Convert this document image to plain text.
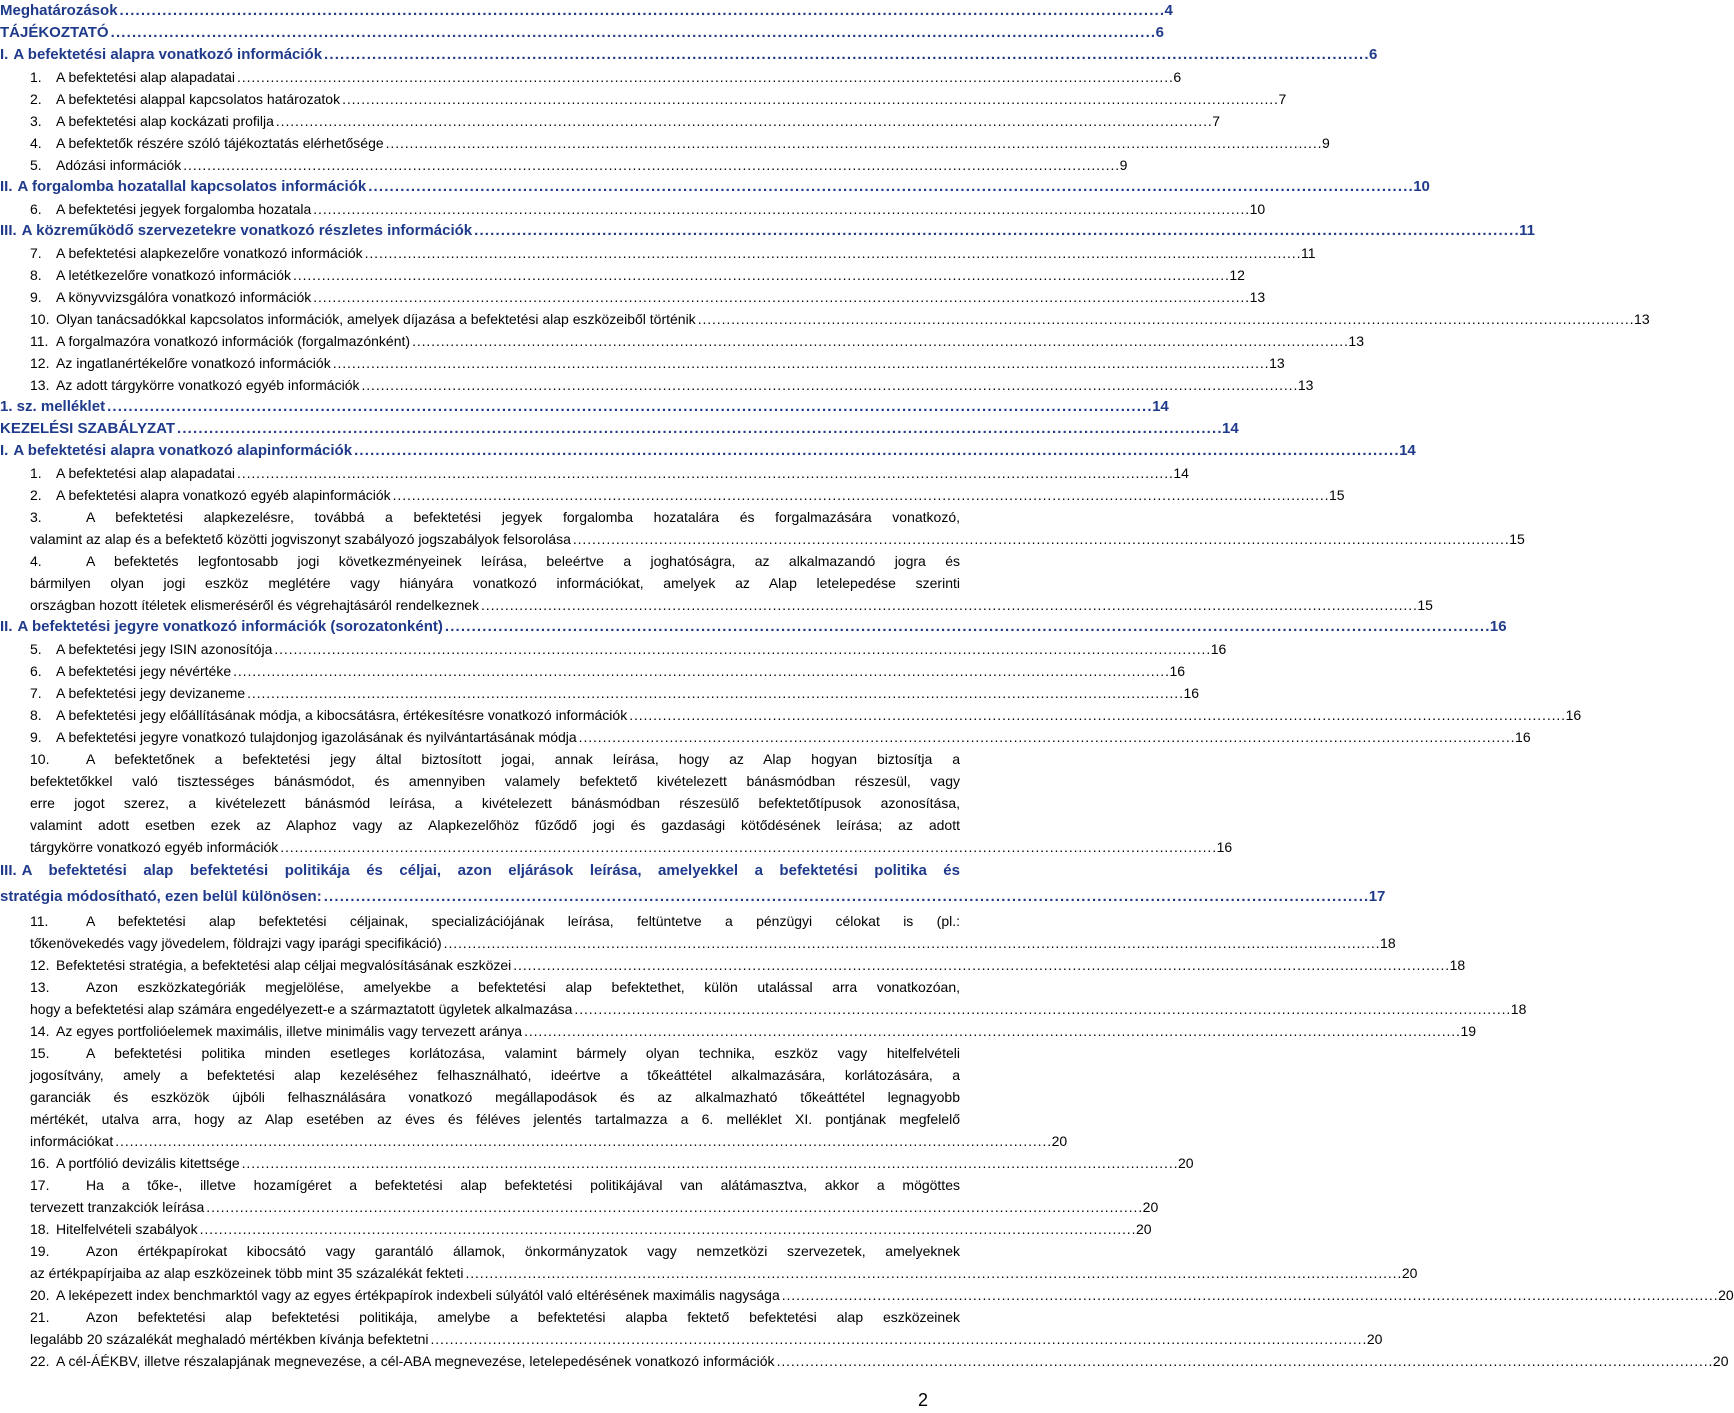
Meghatározások . . .	4
TÁJÉKOZTATÓ . . .	6
I. A befektetési alapra vonatkozó információk . . .	6
1.	A befektetési alap alapadatai . . .	6
2.	A befektetési alappal kapcsolatos határozatok . . .	7
3.	A befektetési alap kockázati profilja . . .	7
4.	A befektetők részére szóló tájékoztatás elérhetősége . . .	9
5.	Adózási információk . . .	9
II. A forgalomba hozatallal kapcsolatos információk . . .	10
6.	A befektetési jegyek forgalomba hozatala . . .	10
III. A közreműködő szervezetekre vonatkozó részletes információk . . .	11
7.	A befektetési alapkezelőre vonatkozó információk . . .	11
8.	A letétkezelőre vonatkozó információk . . .	12
9.	A könyvvizsgálóra vonatkozó információk . . .	13
10. Olyan tanácsadókkal kapcsolatos információk, amelyek díjazása a befektetési alap eszközeiből történik . . .	13
11. A forgalmazóra vonatkozó információk (forgalmazónként) . . .	13
12. Az ingatlanértékelőre vonatkozó információk . . .	13
13. Az adott tárgykörre vonatkozó egyéb információk . . .	13
1. sz. melléklet . . .	14
KEZELÉSI SZABÁLYZAT . . .	14
I. A befektetési alapra vonatkozó alapinformációk . . .	14
1.	A befektetési alap alapadatai . . .	14
2.	A befektetési alapra vonatkozó egyéb alapinformációk . . .	15
3.	A befektetési alapkezelésre, továbbá a befektetési jegyek forgalomba hozatalára és forgalmazására vonatkozó,
valamint az alap és a befektető közötti jogviszonyt szabályozó jogszabályok felsorolása . . .	15
4.	A befektetés legfontosabb jogi következményeinek leírása, beleértve a joghatóságra, az alkalmazandó jogra és
bármilyen olyan jogi eszköz meglétére vagy hiányára vonatkozó információkat, amelyek az Alap letelepedése szerinti
országban hozott ítéletek elismeréséről és végrehajtásáról rendelkeznek . . .	15
II. A befektetési jegyre vonatkozó információk (sorozatonként) . . .	16
5.	A befektetési jegy ISIN azonosítója . . .	16
6.	A befektetési jegy névértéke . . .	16
7.	A befektetési jegy devizaneme . . .	16
8.	A befektetési jegy előállításának módja, a kibocsátásra, értékesítésre vonatkozó információk . . .	16
9.	A befektetési jegyre vonatkozó tulajdonjog igazolásának és nyilvántartásának módja . . .	16
10.	A befektetőnek a befektetési jegy által biztosított jogai, annak leírása, hogy az Alap hogyan biztosítja a
befektetőkkel való tisztességes bánásmódot, és amennyiben valamely befektető kivételezett bánásmódban részesül, vagy
erre jogot szerez, a kivételezett bánásmód leírása, a kivételezett bánásmódban részesülő befektetőtípusok azonosítása,
valamint adott esetben ezek az Alaphoz vagy az Alapkezelőhöz fűződő jogi és gazdasági kötődésének leírása; az adott
tárgykörre vonatkozó egyéb információk . . .	16
III. A befektetési alap befektetési politikája és céljai, azon eljárások leírása, amelyekkel a befektetési politika és
stratégia módosítható, ezen belül különösen: . . .	17
11.	A befektetési alap befektetési céljainak, specializációjának leírása, feltüntetve a pénzügyi célokat is (pl.:
tőkenövekedés vagy jövedelem, földrajzi vagy iparági specifikáció) . . .	18
12. Befektetési stratégia, a befektetési alap céljai megvalósításának eszközei . . .	18
13.	Azon eszközkategóriák megjelölése, amelyekbe a befektetési alap befektethet, külön utalással arra vonatkozóan,
hogy a befektetési alap számára engedélyezett-e a származtatott ügyletek alkalmazása . . .	18
14. Az egyes portfolióelemek maximális, illetve minimális vagy tervezett aránya . . .	19
15.	A befektetési politika minden esetleges korlátozása, valamint bármely olyan technika, eszköz vagy hitelfelvételi
jogosítvány, amely a befektetési alap kezeléséhez felhasználható, ideértve a tőkeáttétel alkalmazására, korlátozására, a
garanciák és eszközök újbóli felhasználására vonatkozó megállapodások és az alkalmazható tőkeáttétel legnagyobb
mértékét, utalva arra, hogy az Alap esetében az éves és féléves jelentés tartalmazza a 6. melléklet XI. pontjának megfelelő
információkat . . .	20
16. A portfólió devizális kitettsége . . .	20
17.	Ha a tőke-, illetve hozamígéret a befektetési alap befektetési politikájával van alátámasztva, akkor a mögöttes
tervezett tranzakciók leírása . . .	20
18. Hitelfelvételi szabályok . . .	20
19.	Azon értékpapírokat kibocsátó vagy garantáló államok, önkormányzatok vagy nemzetközi szervezetek, amelyeknek
az értékpapírjaiba az alap eszközeinek több mint 35 százalékát fekteti . . .	20
20. A leképezett index benchmarktól vagy az egyes értékpapírok indexbeli súlyától való eltérésének maximális nagysága . . .	20
21.	Azon befektetési alap befektetési politikája, amelybe a befektetési alapba fektető befektetési alap eszközeinek
legalább 20 százalékát meghaladó mértékben kívánja befektetni . . .	20
22. A cél-ÁÉKBV, illetve részalapjának megnevezése, a cél-ABA megnevezése, letelepedésének vonatkozó információk . . .	20
2
